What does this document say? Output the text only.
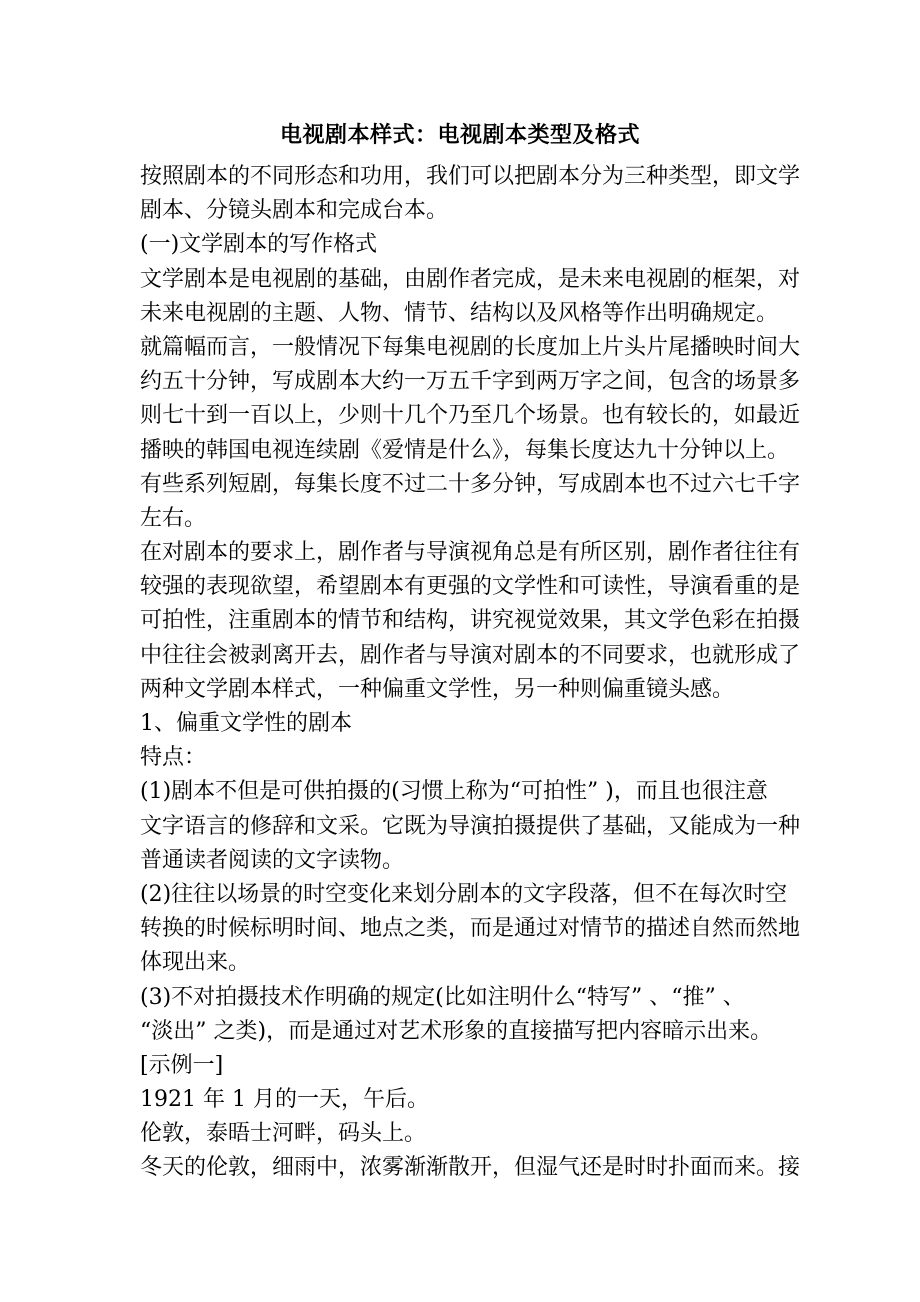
电视剧本样式：电视剧本类型及格式
按照剧本的不同形态和功用，我们可以把剧本分为三种类型，即文学
剧本、分镜头剧本和完成台本。
(一)文学剧本的写作格式
文学剧本是电视剧的基础，由剧作者完成，是未来电视剧的框架，对
未来电视剧的主题、人物、情节、结构以及风格等作出明确规定。
就篇幅而言，一般情况下每集电视剧的长度加上片头片尾播映时间大
约五十分钟，写成剧本大约一万五千字到两万字之间，包含的场景多
则七十到一百以上，少则十几个乃至几个场景。也有较长的，如最近
播映的韩国电视连续剧《爱情是什么》，每集长度达九十分钟以上。
有些系列短剧，每集长度不过二十多分钟，写成剧本也不过六七千字
左右。
在对剧本的要求上，剧作者与导演视角总是有所区别，剧作者往往有
较强的表现欲望，希望剧本有更强的文学性和可读性，导演看重的是
可拍性，注重剧本的情节和结构，讲究视觉效果，其文学色彩在拍摄
中往往会被剥离开去，剧作者与导演对剧本的不同要求，也就形成了
两种文学剧本样式，一种偏重文学性，另一种则偏重镜头感。
1、偏重文学性的剧本
特点：
(1)剧本不但是可供拍摄的(习惯上称为“可拍性” )，而且也很注意
文字语言的修辞和文采。它既为导演拍摄提供了基础，又能成为一种
普通读者阅读的文字读物。
(2)往往以场景的时空变化来划分剧本的文字段落，但不在每次时空
转换的时候标明时间、地点之类，而是通过对情节的描述自然而然地
体现出来。
(3)不对拍摄技术作明确的规定(比如注明什么“特写” 、“推” 、
“淡出” 之类)，而是通过对艺术形象的直接描写把内容暗示出来。
[示例一]
1921 年 1 月的一天，午后。
伦敦，泰晤士河畔，码头上。
冬天的伦敦，细雨中，浓雾渐渐散开，但湿气还是时时扑面而来。接
